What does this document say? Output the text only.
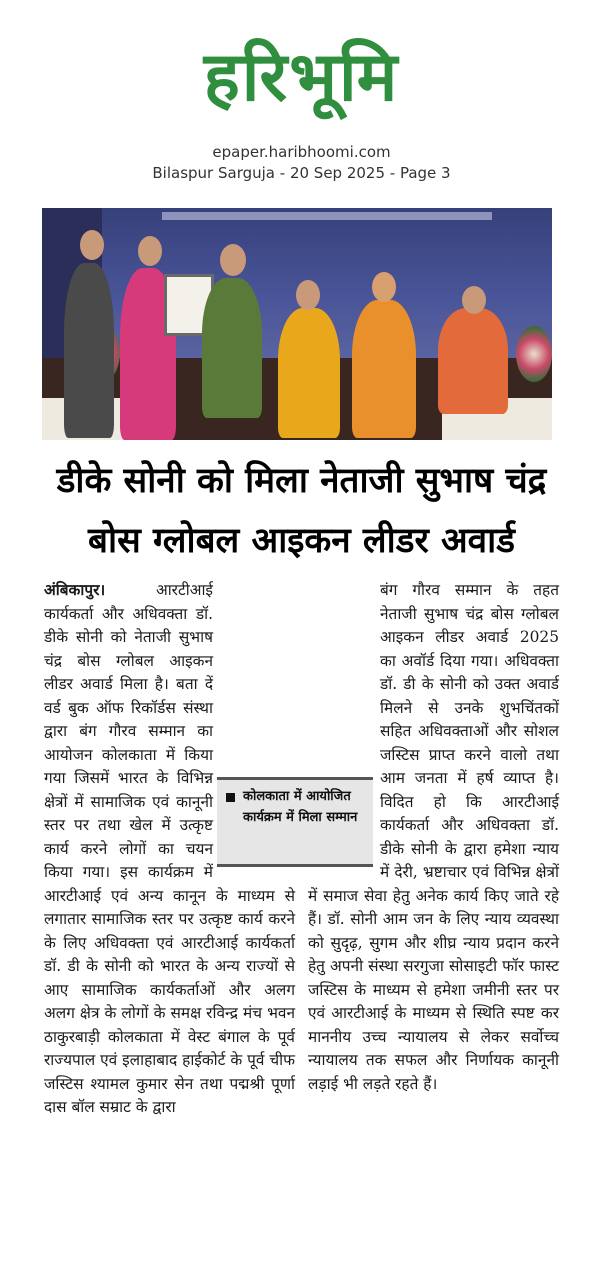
हरिभूमि
epaper.haribhoomi.com
Bilaspur Sarguja - 20 Sep 2025 - Page 3
डीके सोनी को मिला नेताजी सुभाष चंद्र
बोस ग्लोबल आइकन लीडर अवार्ड

अंबिकापुर।	आरटीआई कार्यकर्ता और अधिवक्ता डॉ. डीके सोनी को नेताजी सुभाष चंद्र बोस ग्लोबल आइकन लीडर अवार्ड मिला है। बता दें वर्ड बुक ऑफ रिकॉर्डस संस्था द्वारा बंग गौरव सम्मान का आयोजन कोलकाता में किया गया जिसमें भारत के विभिन्न क्षेत्रों में सामाजिक एवं कानूनी स्तर पर तथा खेल में उत्कृष्ट कार्य करने लोगों का चयन किया गया। इस कार्यक्रम में आरटीआई एवं अन्य कानून के माध्यम से लगातार सामाजिक स्तर पर उत्कृष्ट कार्य करने के लिए अधिवक्ता एवं आरटीआई कार्यकर्ता डॉ. डी के सोनी को भारत के अन्य राज्यों से आए सामाजिक कार्यकर्ताओं और अलग अलग क्षेत्र के लोगों के समक्ष रविन्द्र मंच भवन ठाकुरबाड़ी कोलकाता में वेस्ट बंगाल के पूर्व राज्यपाल एवं इलाहाबाद हाईकोर्ट के पूर्व चीफ जस्टिस श्यामल कुमार सेन तथा पद्मश्री पूर्णा दास बॉल सम्राट के द्वारा

बंग गौरव सम्मान के तहत नेताजी सुभाष चंद्र बोस ग्लोबल आइकन लीडर अवार्ड 2025 का अवॉर्ड दिया गया। अधिवक्ता डॉ. डी के सोनी को उक्त अवार्ड मिलने से उनके शुभचिंतकों सहित अधिवक्ताओं और सोशल जस्टिस प्राप्त करने वालो तथा आम जनता में हर्ष व्याप्त है। विदित हो कि आरटीआई कार्यकर्ता और अधिवक्ता डॉ. डीके सोनी के द्वारा हमेशा न्याय में देरी, भ्रष्टाचार एवं विभिन्न क्षेत्रों में समाज सेवा हेतु अनेक कार्य किए जाते रहे हैं। डॉ. सोनी आम जन के लिए न्याय व्यवस्था को सुदृढ़, सुगम और शीघ्र न्याय प्रदान करने हेतु अपनी संस्था सरगुजा सोसाइटी फॉर फास्ट जस्टिस के माध्यम से हमेशा जमीनी स्तर पर एवं आरटीआई के माध्यम से स्थिति स्पष्ट कर माननीय उच्च न्यायालय से लेकर सर्वोच्च न्यायालय तक सफल और निर्णायक कानूनी लड़ाई भी लड़ते रहते हैं।

कोलकाता में आयोजित कार्यक्रम में मिला सम्मान
